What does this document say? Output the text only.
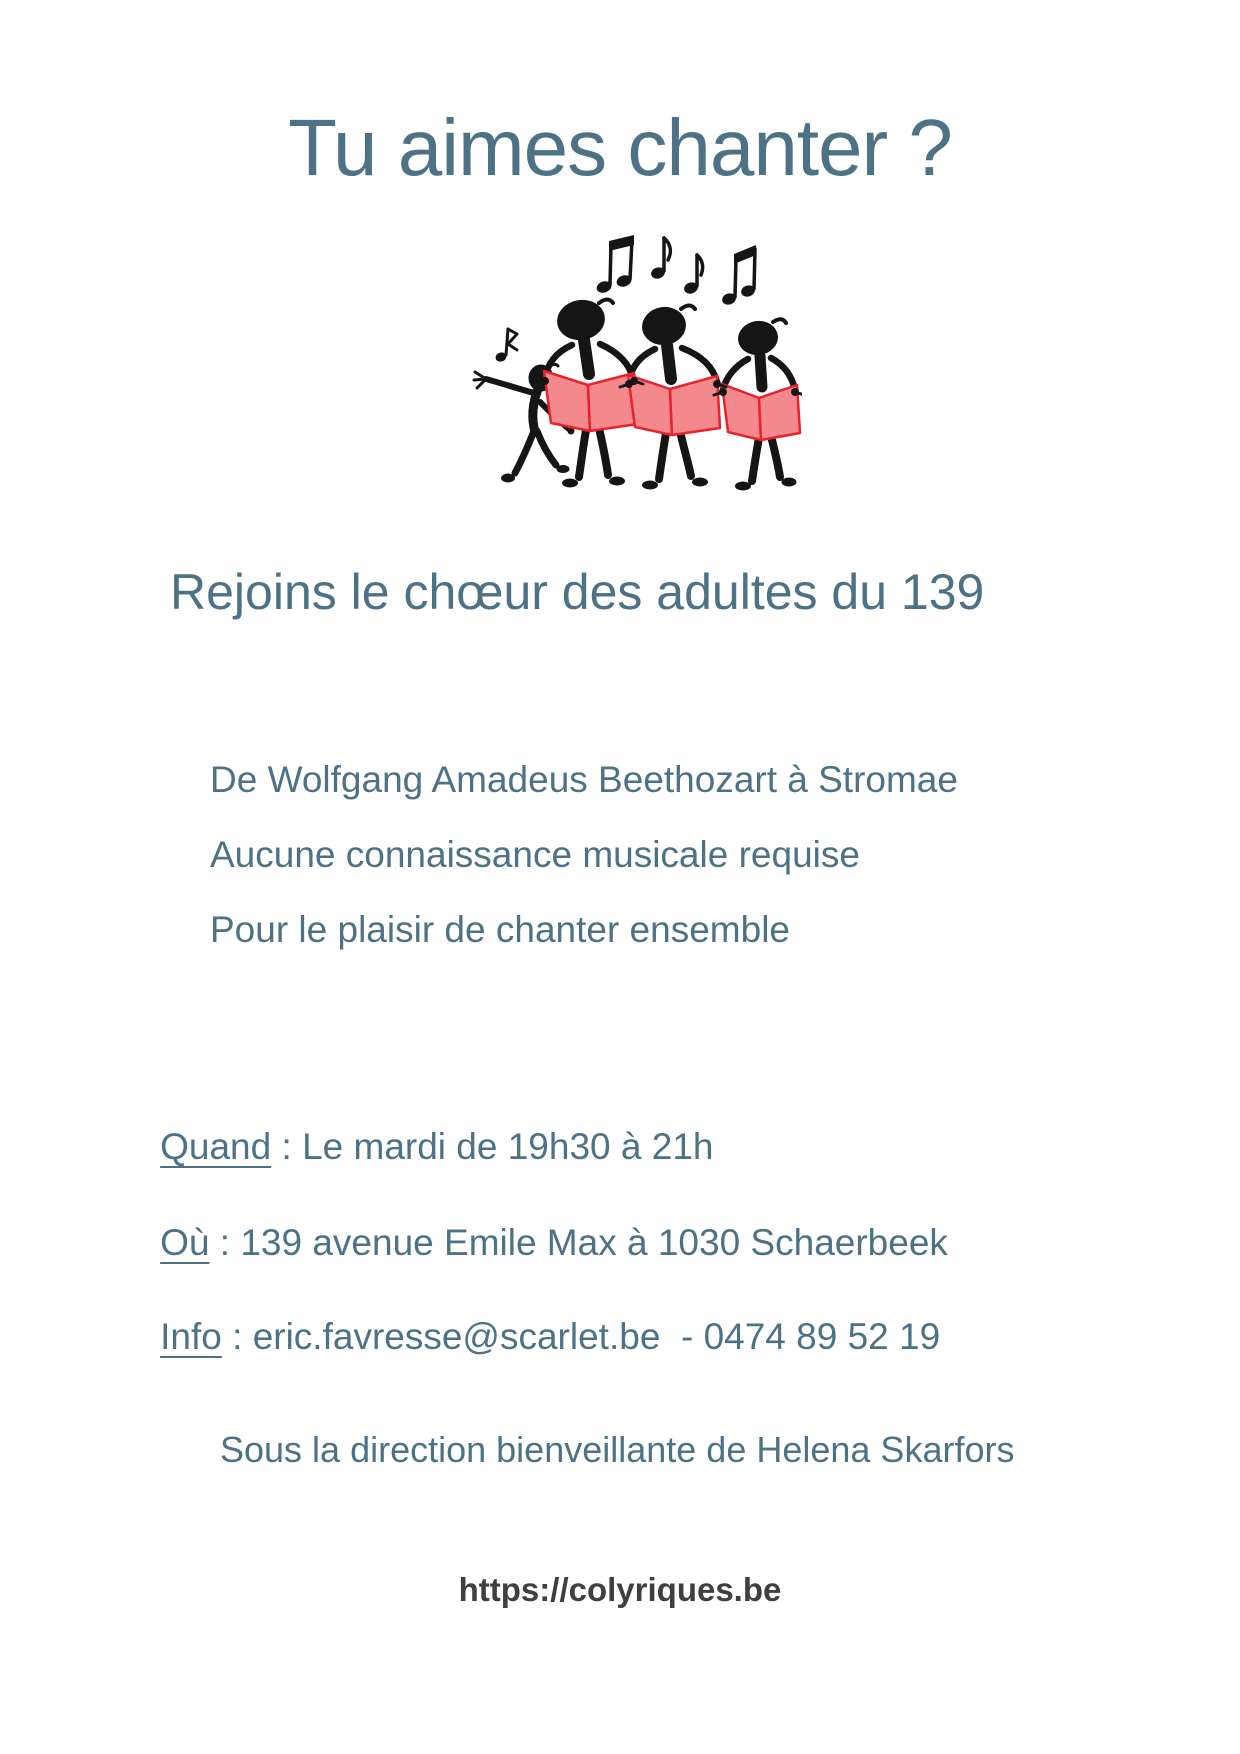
Tu aimes chanter ?
Rejoins le chœur des adultes du 139
De Wolfgang Amadeus Beethozart à Stromae
Aucune connaissance musicale requise
Pour le plaisir de chanter ensemble

Quand : Le mardi de 19h30 à 21h

Où : 139 avenue Emile Max à 1030 Schaerbeek

Info : eric.favresse@scarlet.be  - 0474 89 52 19

Sous la direction bienveillante de Helena Skarfors
https://colyriques.be
